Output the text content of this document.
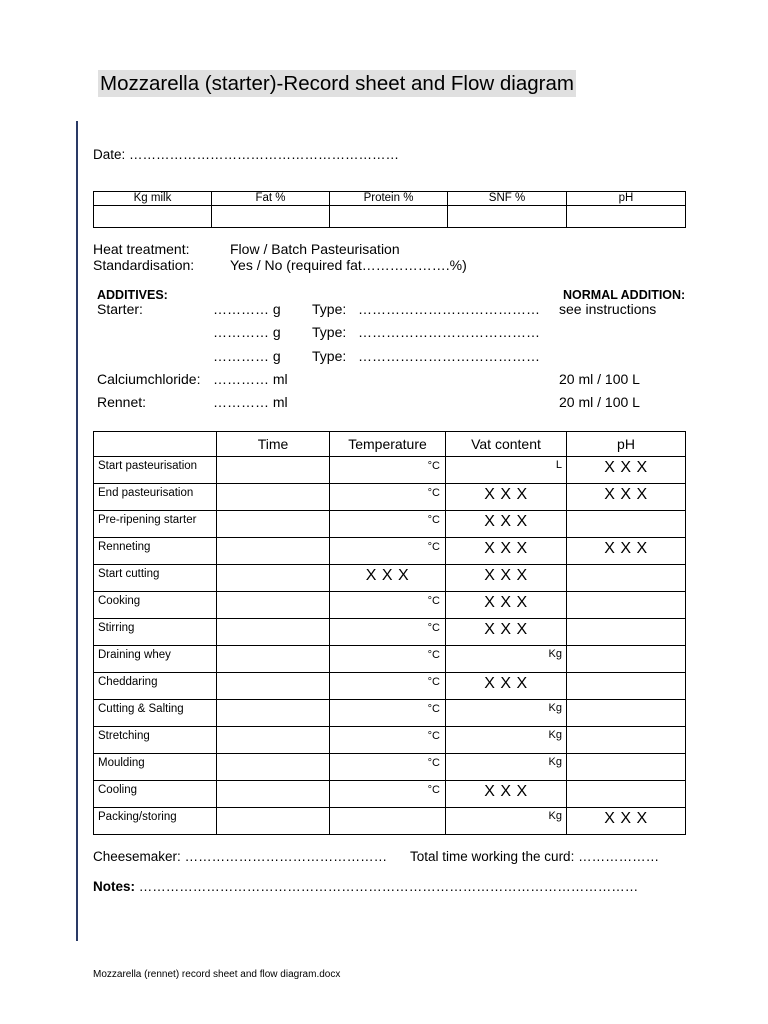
Mozzarella (starter)-Record sheet and Flow diagram
Date: ……………………………………………………
Kg milk	Fat %	Protein %	SNF %	pH

Heat treatment:	Flow / Batch Pasteurisation
Standardisation:	Yes / No (required fat……………….%)
ADDITIVES:	NORMAL ADDITION:
Starter:	………… g Type: ………………………………… see instructions
………… g Type: …………………………………
………… g Type: …………………………………
Calciumchloride: ………… ml	20 ml / 100 L
Rennet:	………… ml	20 ml / 100 L
	Time	Temperature	Vat content	pH

Start pasteurisation		°C	L	X X X

End pasteurisation		°C	X X X	X X X

Pre-ripening starter		°C	X X X	

Renneting		°C	X X X	X X X

Start cutting		X X X	X X X	

Cooking		°C	X X X	

Stirring		°C	X X X	

Draining whey		°C	Kg	

Cheddaring		°C	X X X	

Cutting & Salting		°C	Kg	

Stretching		°C	Kg	

Moulding		°C	Kg	

Cooling		°C	X X X	

Packing/storing			Kg	X X X
Cheesemaker: ……………………………………… Total time working the curd: ………………
Notes: …………………………………………………………………………………………………
Mozzarella (rennet) record sheet and flow diagram.docx
